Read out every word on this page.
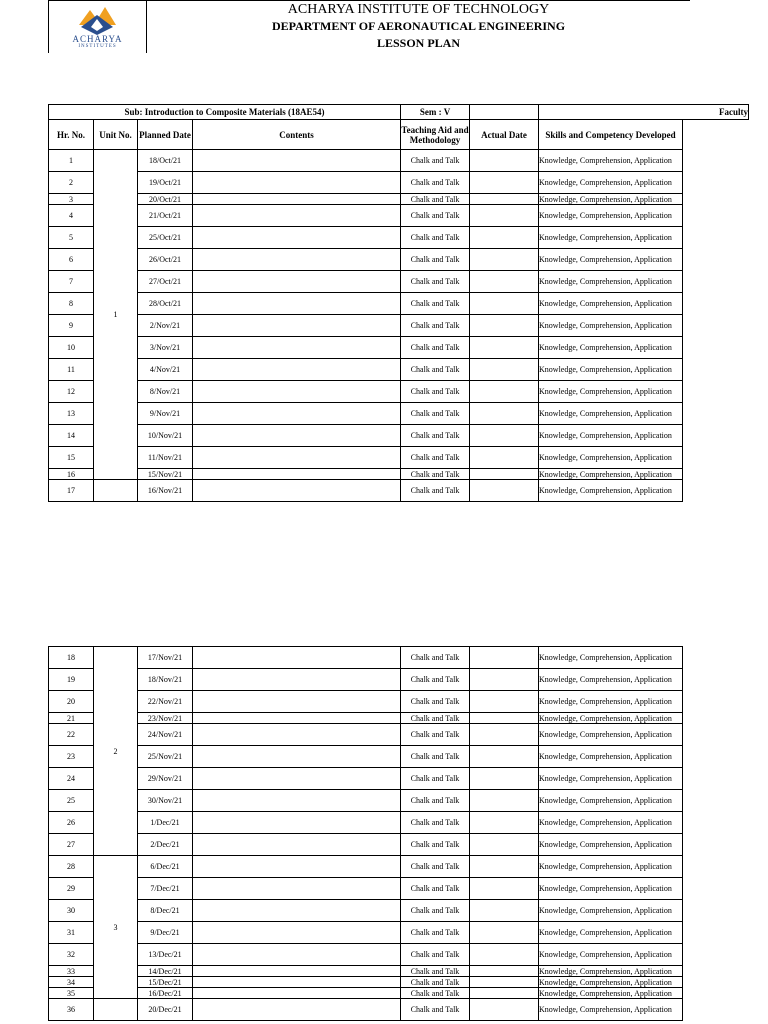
ACHARYA
INSTITUTES
ACHARYA INSTITUTE OF TECHNOLOGY
DEPARTMENT OF AERONAUTICAL ENGINEERING
LESSON PLAN
Sub: Introduction to Composite Materials (18AE54)				Sem : V		Faculty	
Hr. No.	Unit No.	Planned Date	Contents	Teaching Aid and Methodology	Actual Date	Skills and Competency Developed	
1	1	18/Oct/21		Chalk and Talk		Knowledge, Comprehension, Application	
2		19/Oct/21		Chalk and Talk		Knowledge, Comprehension, Application	
3		20/Oct/21		Chalk and Talk		Knowledge, Comprehension, Application	
4		21/Oct/21		Chalk and Talk		Knowledge, Comprehension, Application	
5		25/Oct/21		Chalk and Talk		Knowledge, Comprehension, Application	
6		26/Oct/21		Chalk and Talk		Knowledge, Comprehension, Application	
7		27/Oct/21		Chalk and Talk		Knowledge, Comprehension, Application	
8		28/Oct/21		Chalk and Talk		Knowledge, Comprehension, Application	
9		2/Nov/21		Chalk and Talk		Knowledge, Comprehension, Application	
10		3/Nov/21		Chalk and Talk		Knowledge, Comprehension, Application	
11		4/Nov/21		Chalk and Talk		Knowledge, Comprehension, Application	
12		8/Nov/21		Chalk and Talk		Knowledge, Comprehension, Application	
13		9/Nov/21		Chalk and Talk		Knowledge, Comprehension, Application	
14		10/Nov/21		Chalk and Talk		Knowledge, Comprehension, Application	
15		11/Nov/21		Chalk and Talk		Knowledge, Comprehension, Application	
16		15/Nov/21		Chalk and Talk		Knowledge, Comprehension, Application	
17		16/Nov/21		Chalk and Talk		Knowledge, Comprehension, Application	
18	2	17/Nov/21		Chalk and Talk		Knowledge, Comprehension, Application	
19		18/Nov/21		Chalk and Talk		Knowledge, Comprehension, Application	
20		22/Nov/21		Chalk and Talk		Knowledge, Comprehension, Application	
21		23/Nov/21		Chalk and Talk		Knowledge, Comprehension, Application	
22		24/Nov/21		Chalk and Talk		Knowledge, Comprehension, Application	
23		25/Nov/21		Chalk and Talk		Knowledge, Comprehension, Application	
24		29/Nov/21		Chalk and Talk		Knowledge, Comprehension, Application	
25		30/Nov/21		Chalk and Talk		Knowledge, Comprehension, Application	
26		1/Dec/21		Chalk and Talk		Knowledge, Comprehension, Application	
27		2/Dec/21		Chalk and Talk		Knowledge, Comprehension, Application	
28	3	6/Dec/21		Chalk and Talk		Knowledge, Comprehension, Application	
29		7/Dec/21		Chalk and Talk		Knowledge, Comprehension, Application	
30		8/Dec/21		Chalk and Talk		Knowledge, Comprehension, Application	
31		9/Dec/21		Chalk and Talk		Knowledge, Comprehension, Application	
32		13/Dec/21		Chalk and Talk		Knowledge, Comprehension, Application	
33		14/Dec/21		Chalk and Talk		Knowledge, Comprehension, Application	
34		15/Dec/21		Chalk and Talk		Knowledge, Comprehension, Application	
35		16/Dec/21		Chalk and Talk		Knowledge, Comprehension, Application	
36		20/Dec/21		Chalk and Talk		Knowledge, Comprehension, Application	
